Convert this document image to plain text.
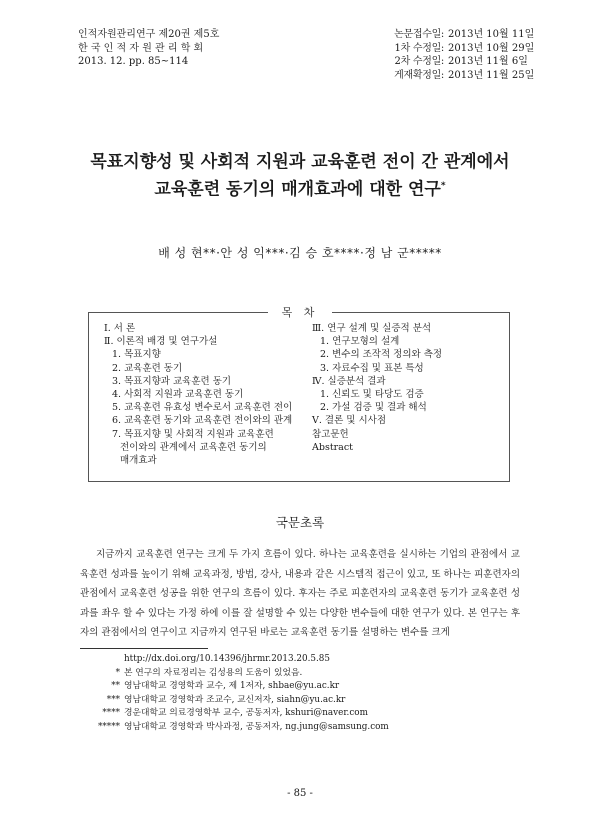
인적자원관리연구 제20권 제5호
한 국 인 적 자 원 관 리 학 회
2013. 12. pp. 85~114
논문접수일: 2013년 10월 11일
1차 수정일: 2013년 10월 29일
2차 수정일: 2013년 11월 6일
게재확정일: 2013년 11월 25일
목표지향성 및 사회적 지원과 교육훈련 전이 간 관계에서
교육훈련 동기의 매개효과에 대한 연구*
배 성 현**·안 성 익***·김 승 호****·정 남 군*****
목 차
Ⅰ. 서 론
Ⅱ. 이론적 배경 및 연구가설
1. 목표지향
2. 교육훈련 동기
3. 목표지향과 교육훈련 동기
4. 사회적 지원과 교육훈련 동기
5. 교육훈련 유효성 변수로서 교육훈련 전이
6. 교육훈련 동기와 교육훈련 전이와의 관계
7. 목표지향 및 사회적 지원과 교육훈련
전이와의 관계에서 교육훈련 동기의
매개효과
Ⅲ. 연구 설계 및 실증적 분석
1. 연구모형의 설계
2. 변수의 조작적 정의와 측정
3. 자료수집 및 표본 특성
Ⅳ. 실증분석 결과
1. 신뢰도 및 타당도 검증
2. 가설 검증 및 결과 해석
Ⅴ. 결론 및 시사점
참고문헌
Abstract
국문초록
지금까지 교육훈련 연구는 크게 두 가지 흐름이 있다. 하나는 교육훈련을 실시하는 기업의 관점에서 교육훈련 성과를 높이기 위해 교육과정, 방법, 강사, 내용과 같은 시스템적 접근이 있고, 또 하나는 피훈련자의 관점에서 교육훈련 성공을 위한 연구의 흐름이 있다. 후자는 주로 피훈련자의 교육훈련 동기가 교육훈련 성과를 좌우 할 수 있다는 가정 하에 이를 잘 설명할 수 있는 다양한 변수들에 대한 연구가 있다. 본 연구는 후자의 관점에서의 연구이고 지금까지 연구된 바로는 교육훈련 동기를 설명하는 변수를 크게
http://dx.doi.org/10.14396/jhrmr.2013.20.5.85
* 본 연구의 자료정리는 김성용의 도움이 있었음.
** 영남대학교 경영학과 교수, 제 1저자, shbae@yu.ac.kr
*** 영남대학교 경영학과 조교수, 교신저자, siahn@yu.ac.kr
**** 경운대학교 의료경영학부 교수, 공동저자, kshuri@naver.com
***** 영남대학교 경영학과 박사과정, 공동저자, ng.jung@samsung.com
- 85 -
